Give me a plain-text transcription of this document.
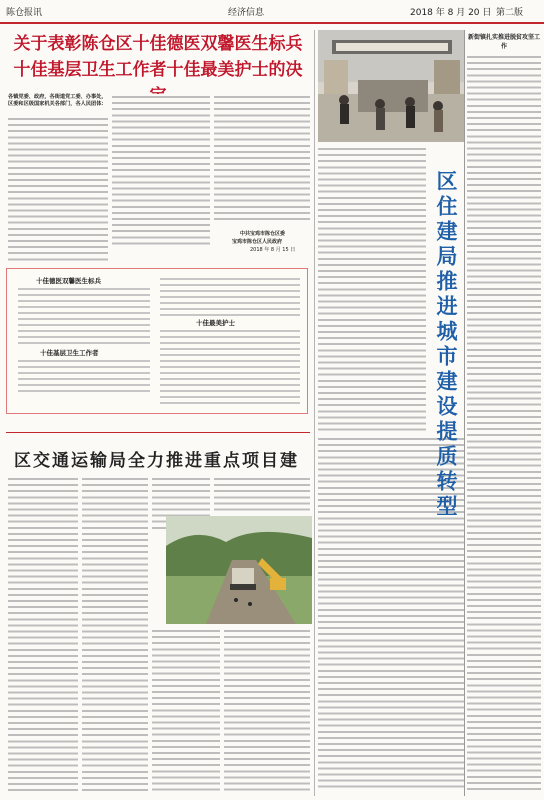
陈仓报讯	经济信息	2018 年 8 月 20 日 第二版
关于表彰陈仓区十佳德医双馨医生标兵
十佳基层卫生工作者十佳最美护士的决
各镇党委、政府，各街道党工委、办事处，区委和区级国家机关各部门，各人民团体：
中共宝鸡市陈仓区委
宝鸡市陈仓区人民政府
2018 年 8 月 15 日
十佳德医双馨医生标兵
十佳基层卫生工作者
十佳最美护士	区住建局推进城市建设提质转型
新街镇扎实推进脱贫攻坚工作
区交通运输局全力推进重点项目建
